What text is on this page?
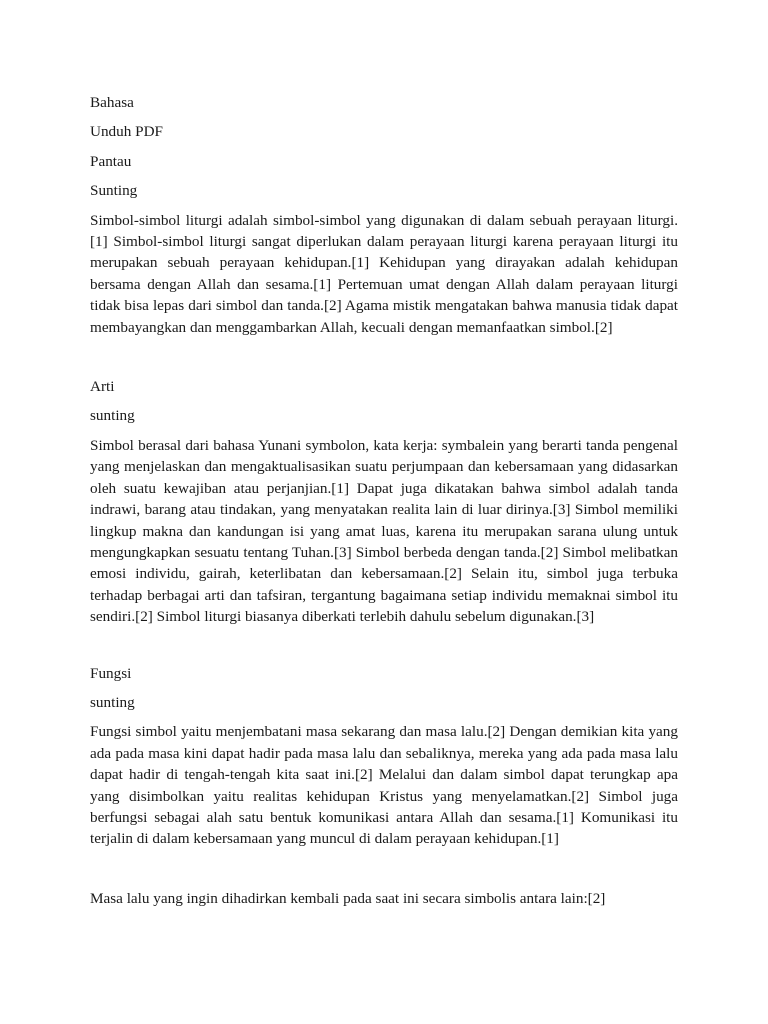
Bahasa

Unduh PDF

Pantau

Sunting

Simbol-simbol liturgi adalah simbol-simbol yang digunakan di dalam sebuah perayaan liturgi.[1] Simbol-simbol liturgi sangat diperlukan dalam perayaan liturgi karena perayaan liturgi itu merupakan sebuah perayaan kehidupan.[1] Kehidupan yang dirayakan adalah kehidupan bersama dengan Allah dan sesama.[1] Pertemuan umat dengan Allah dalam perayaan liturgi tidak bisa lepas dari simbol dan tanda.[2] Agama mistik mengatakan bahwa manusia tidak dapat membayangkan dan menggambarkan Allah, kecuali dengan memanfaatkan simbol.[2]

Arti

sunting

Simbol berasal dari bahasa Yunani symbolon, kata kerja: symbalein yang berarti tanda pengenal yang menjelaskan dan mengaktualisasikan suatu perjumpaan dan kebersamaan yang didasarkan oleh suatu kewajiban atau perjanjian.[1] Dapat juga dikatakan bahwa simbol adalah tanda indrawi, barang atau tindakan, yang menyatakan realita lain di luar dirinya.[3] Simbol memiliki lingkup makna dan kandungan isi yang amat luas, karena itu merupakan sarana ulung untuk mengungkapkan sesuatu tentang Tuhan.[3] Simbol berbeda dengan tanda.[2] Simbol melibatkan emosi individu, gairah, keterlibatan dan kebersamaan.[2] Selain itu, simbol juga terbuka terhadap berbagai arti dan tafsiran, tergantung bagaimana setiap individu memaknai simbol itu sendiri.[2] Simbol liturgi biasanya diberkati terlebih dahulu sebelum digunakan.[3]

Fungsi

sunting

Fungsi simbol yaitu menjembatani masa sekarang dan masa lalu.[2] Dengan demikian kita yang ada pada masa kini dapat hadir pada masa lalu dan sebaliknya, mereka yang ada pada masa lalu dapat hadir di tengah-tengah kita saat ini.[2] Melalui dan dalam simbol dapat terungkap apa yang disimbolkan yaitu realitas kehidupan Kristus yang menyelamatkan.[2] Simbol juga berfungsi sebagai alah satu bentuk komunikasi antara Allah dan sesama.[1] Komunikasi itu terjalin di dalam kebersamaan yang muncul di dalam perayaan kehidupan.[1]

Masa lalu yang ingin dihadirkan kembali pada saat ini secara simbolis antara lain:[2]
